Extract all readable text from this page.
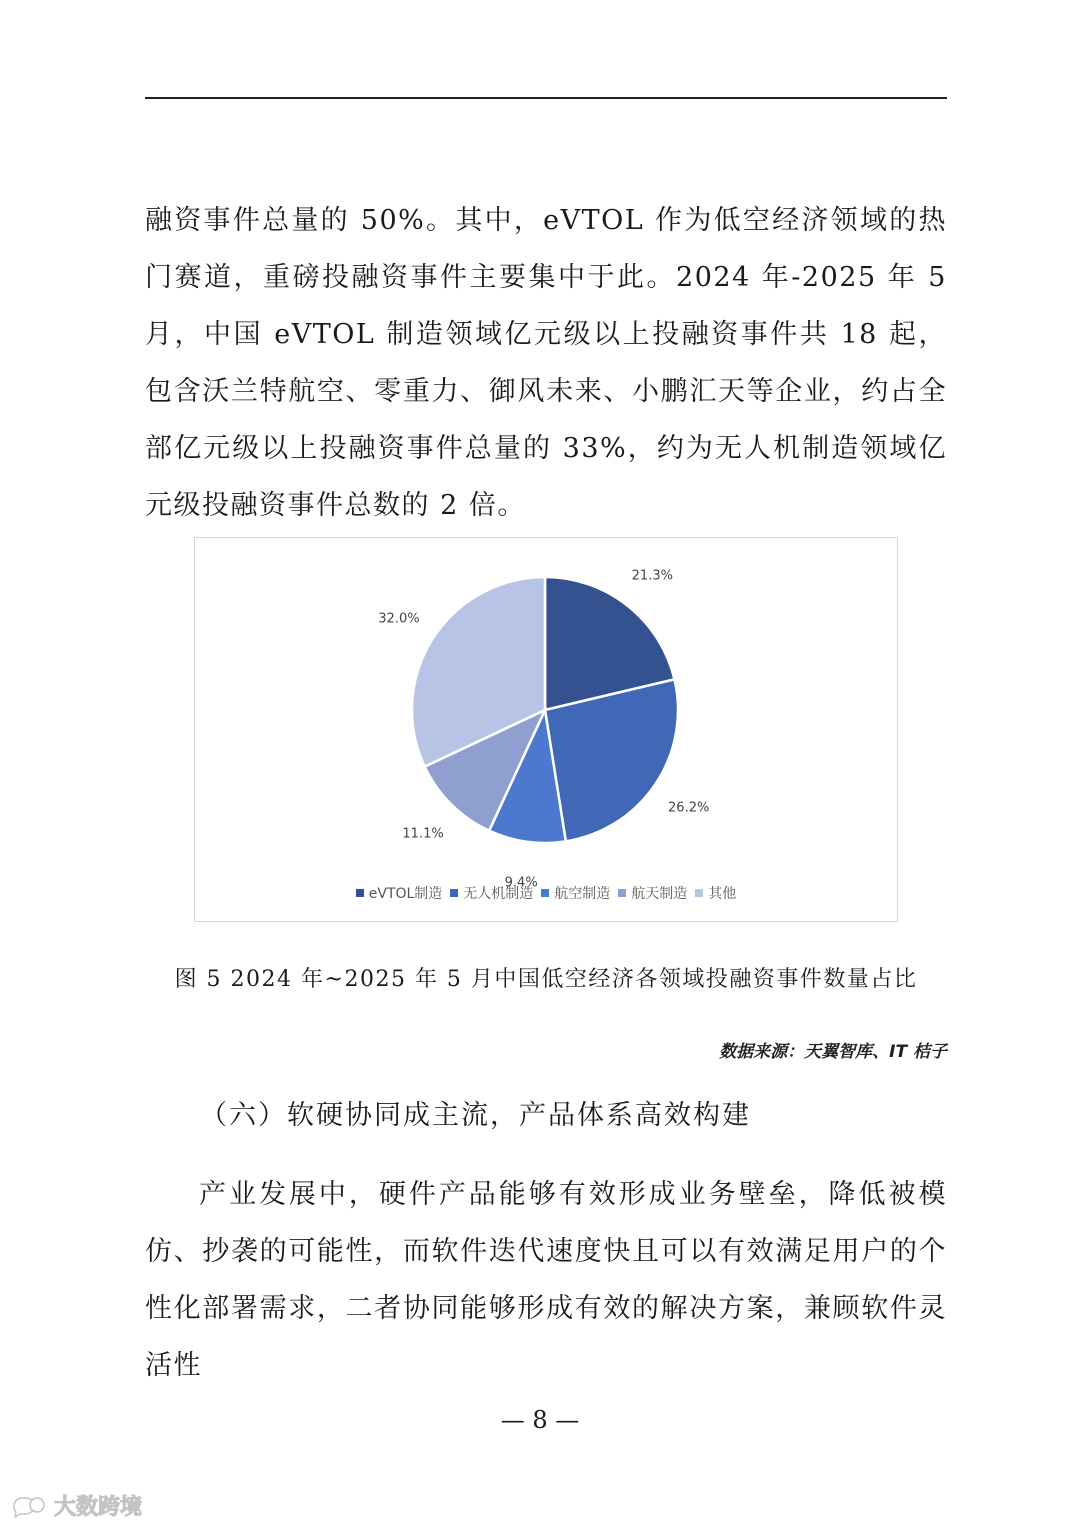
融资事件总量的 50%。其中，eVTOL 作为低空经济领域的热门赛道，重磅投融资事件主要集中于此。2024 年-2025 年 5 月，中国 eVTOL 制造领域亿元级以上投融资事件共 18 起，包含沃兰特航空、零重力、御风未来、小鹏汇天等企业，约占全部亿元级以上投融资事件总量的 33%，约为无人机制造领域亿元级投融资事件总数的 2 倍。

21.3%
26.2%
9.4%
11.1%
32.0%
eVTOL制造 无人机制造 航空制造 航天制造 其他
图 5 2024 年~2025 年 5 月中国低空经济各领域投融资事件数量占比
数据来源：天翼智库、IT 桔子
（六）软硬协同成主流，产品体系高效构建

产业发展中，硬件产品能够有效形成业务壁垒，降低被模仿、抄袭的可能性，而软件迭代速度快且可以有效满足用户的个性化部署需求，二者协同能够形成有效的解决方案，兼顾软件灵活性

— 8 —
大数跨境
